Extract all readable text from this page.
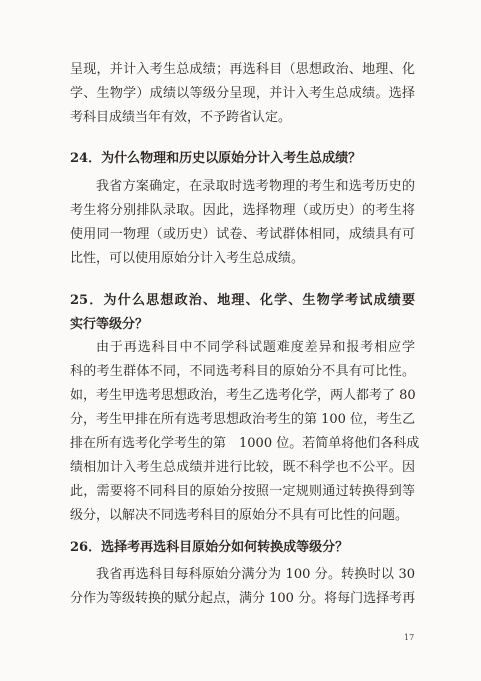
呈现，并计入考生总成绩；再选科目（思想政治、地理、化
学、生物学）成绩以等级分呈现，并计入考生总成绩。选择
考科目成绩当年有效，不予跨省认定。
24．为什么物理和历史以原始分计入考生总成绩？
我省方案确定，在录取时选考物理的考生和选考历史的
考生将分别排队录取。因此，选择物理（或历史）的考生将
使用同一物理（或历史）试卷、考试群体相同，成绩具有可
比性，可以使用原始分计入考生总成绩。
25．为什么思想政治、地理、化学、生物学考试成绩要
实行等级分？
由于再选科目中不同学科试题难度差异和报考相应学
科的考生群体不同，不同选考科目的原始分不具有可比性。
如，考生甲选考思想政治，考生乙选考化学，两人都考了 80
分，考生甲排在所有选考思想政治考生的第 100 位，考生乙
排在所有选考化学考生的第　1000 位。若简单将他们各科成
绩相加计入考生总成绩并进行比较，既不科学也不公平。因
此，需要将不同科目的原始分按照一定规则通过转换得到等
级分，以解决不同选考科目的原始分不具有可比性的问题。
26．选择考再选科目原始分如何转换成等级分？
我省再选科目每科原始分满分为 100 分。转换时以 30
分作为等级转换的赋分起点，满分 100 分。将每门选择考再
17
